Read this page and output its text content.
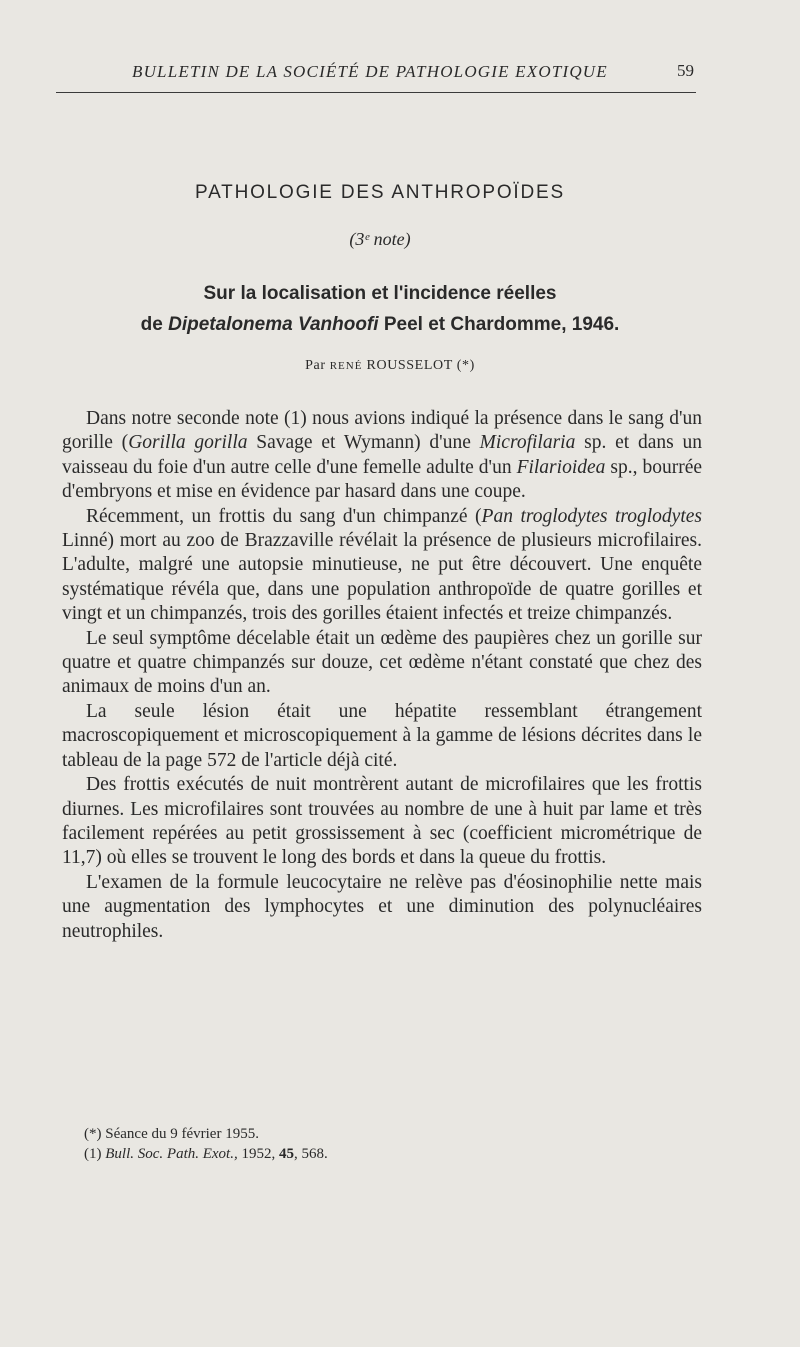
BULLETIN DE LA SOCIÉTÉ DE PATHOLOGIE EXOTIQUE	59
PATHOLOGIE DES ANTHROPOÏDES
(3ᵉ note)
Sur la localisation et l'incidence réelles
de Dipetalonema Vanhoofi Peel et Chardomme, 1946.
Par RENÉ ROUSSELOT (*)

Dans notre seconde note (1) nous avions indiqué la présence dans le sang d'un gorille (Gorilla gorilla Savage et Wymann) d'une Microfilaria sp. et dans un vaisseau du foie d'un autre celle d'une femelle adulte d'un Filarioidea sp., bourrée d'embryons et mise en évidence par hasard dans une coupe.

Récemment, un frottis du sang d'un chimpanzé (Pan troglodytes troglodytes Linné) mort au zoo de Brazzaville révélait la présence de plusieurs microfilaires. L'adulte, malgré une autopsie minutieuse, ne put être découvert. Une enquête systématique révéla que, dans une population anthropoïde de quatre gorilles et vingt et un chimpanzés, trois des gorilles étaient infectés et treize chimpanzés.

Le seul symptôme décelable était un œdème des paupières chez un gorille sur quatre et quatre chimpanzés sur douze, cet œdème n'étant constaté que chez des animaux de moins d'un an.

La seule lésion était une hépatite ressemblant étrangement macroscopiquement et microscopiquement à la gamme de lésions décrites dans le tableau de la page 572 de l'article déjà cité.

Des frottis exécutés de nuit montrèrent autant de microfilaires que les frottis diurnes. Les microfilaires sont trouvées au nombre de une à huit par lame et très facilement repérées au petit grossissement à sec (coefficient micrométrique de 11,7) où elles se trouvent le long des bords et dans la queue du frottis.

L'examen de la formule leucocytaire ne relève pas d'éosinophilie nette mais une augmentation des lymphocytes et une diminution des polynucléaires neutrophiles.

(*) Séance du 9 février 1955.
(1) Bull. Soc. Path. Exot., 1952, 45, 568.
